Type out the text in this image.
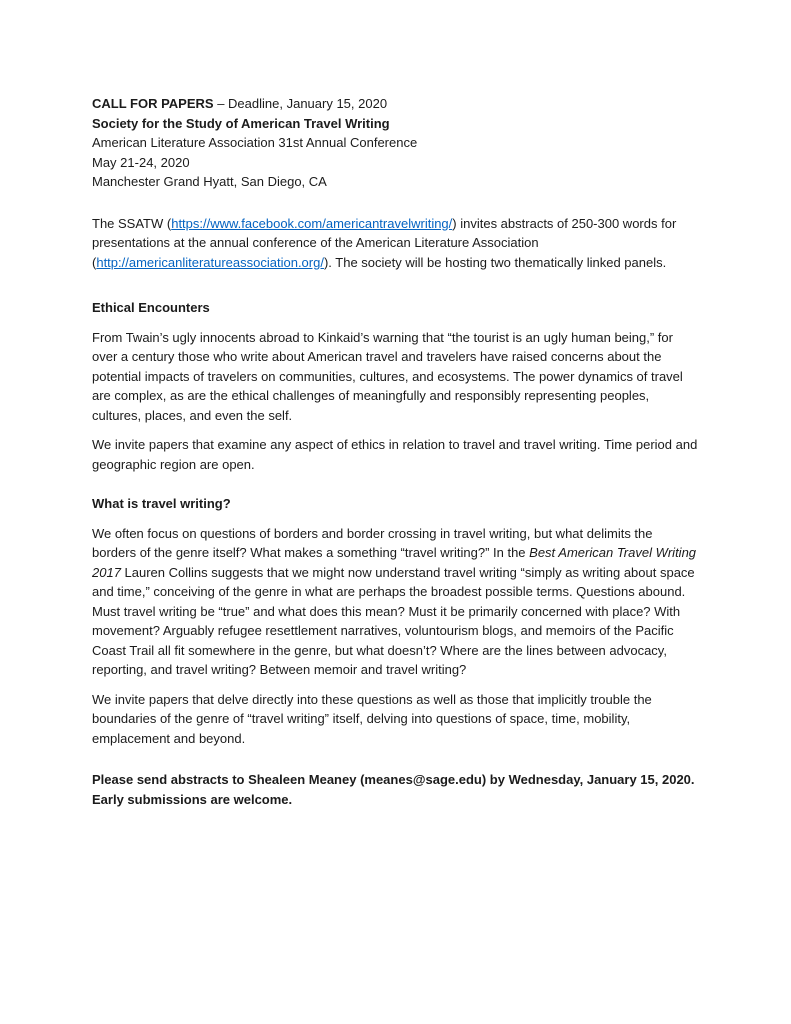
CALL FOR PAPERS – Deadline, January 15, 2020
Society for the Study of American Travel Writing
American Literature Association 31st Annual Conference
May 21-24, 2020
Manchester Grand Hyatt, San Diego, CA

The SSATW (https://www.facebook.com/americantravelwriting/) invites abstracts of 250-300 words for presentations at the annual conference of the American Literature Association (http://americanliteratureassociation.org/). The society will be hosting two thematically linked panels.

Ethical Encounters

From Twain’s ugly innocents abroad to Kinkaid’s warning that “the tourist is an ugly human being,” for over a century those who write about American travel and travelers have raised concerns about the potential impacts of travelers on communities, cultures, and ecosystems. The power dynamics of travel are complex, as are the ethical challenges of meaningfully and responsibly representing peoples, cultures, places, and even the self.

We invite papers that examine any aspect of ethics in relation to travel and travel writing. Time period and geographic region are open.

What is travel writing?

We often focus on questions of borders and border crossing in travel writing, but what delimits the borders of the genre itself? What makes a something “travel writing?” In the Best American Travel Writing 2017 Lauren Collins suggests that we might now understand travel writing “simply as writing about space and time,” conceiving of the genre in what are perhaps the broadest possible terms. Questions abound. Must travel writing be “true” and what does this mean? Must it be primarily concerned with place? With movement? Arguably refugee resettlement narratives, voluntourism blogs, and memoirs of the Pacific Coast Trail all fit somewhere in the genre, but what doesn’t? Where are the lines between advocacy, reporting, and travel writing? Between memoir and travel writing?

We invite papers that delve directly into these questions as well as those that implicitly trouble the boundaries of the genre of “travel writing” itself, delving into questions of space, time, mobility, emplacement and beyond.

Please send abstracts to Shealeen Meaney (meanes@sage.edu) by Wednesday, January 15, 2020. Early submissions are welcome.
